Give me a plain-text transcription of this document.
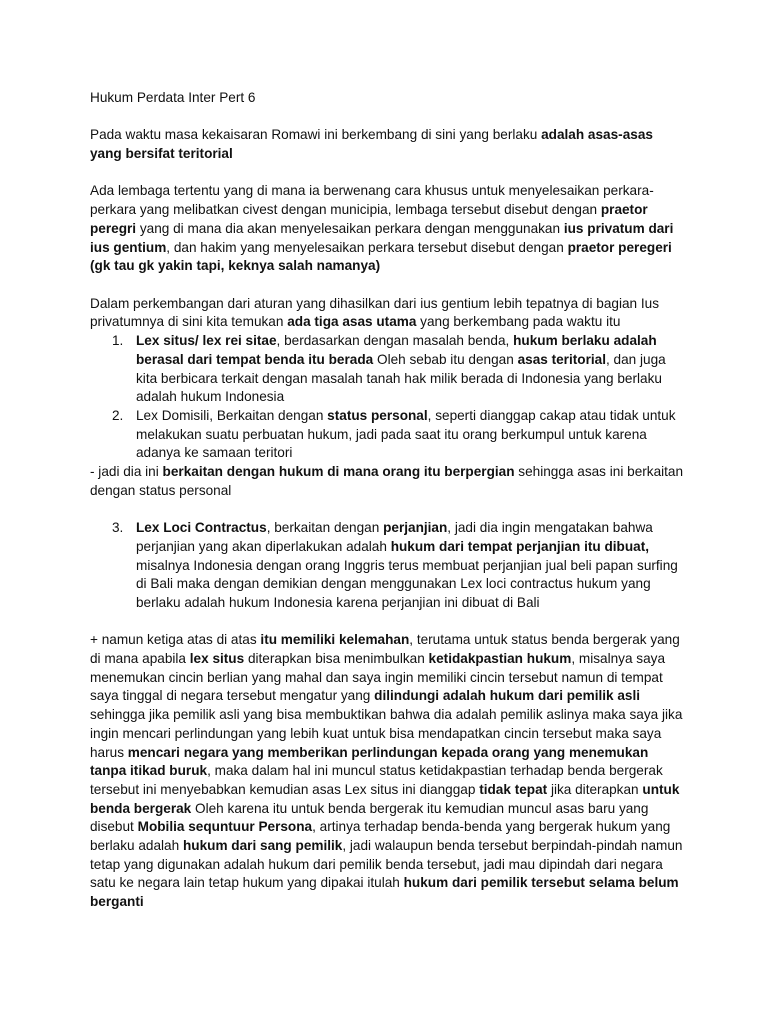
Hukum Perdata Inter Pert 6

Pada waktu masa kekaisaran Romawi ini berkembang di sini yang berlaku adalah asas-asas yang bersifat teritorial

Ada lembaga tertentu yang di mana ia berwenang cara khusus untuk menyelesaikan perkara-perkara yang melibatkan civest dengan municipia, lembaga tersebut disebut dengan praetor peregri yang di mana dia akan menyelesaikan perkara dengan menggunakan ius privatum dari ius gentium, dan hakim yang menyelesaikan perkara tersebut disebut dengan praetor peregeri (gk tau gk yakin tapi, keknya salah namanya)

Dalam perkembangan dari aturan yang dihasilkan dari ius gentium lebih tepatnya di bagian Ius privatumnya di sini kita temukan ada tiga asas utama yang berkembang pada waktu itu

1. Lex situs/ lex rei sitae, berdasarkan dengan masalah benda, hukum berlaku adalah berasal dari tempat benda itu berada Oleh sebab itu dengan asas teritorial, dan juga kita berbicara terkait dengan masalah tanah hak milik berada di Indonesia yang berlaku adalah hukum Indonesia
2. Lex Domisili, Berkaitan dengan status personal, seperti dianggap cakap atau tidak untuk melakukan suatu perbuatan hukum, jadi pada saat itu orang berkumpul untuk karena adanya ke samaan teritori

- jadi dia ini berkaitan dengan hukum di mana orang itu berpergian sehingga asas ini berkaitan dengan status personal

3. Lex Loci Contractus, berkaitan dengan perjanjian, jadi dia ingin mengatakan bahwa perjanjian yang akan diperlakukan adalah hukum dari tempat perjanjian itu dibuat, misalnya Indonesia dengan orang Inggris terus membuat perjanjian jual beli papan surfing di Bali maka dengan demikian dengan menggunakan Lex loci contractus hukum yang berlaku adalah hukum Indonesia karena perjanjian ini dibuat di Bali

+ namun ketiga atas di atas itu memiliki kelemahan, terutama untuk status benda bergerak yang di mana apabila lex situs diterapkan bisa menimbulkan ketidakpastian hukum, misalnya saya menemukan cincin berlian yang mahal dan saya ingin memiliki cincin tersebut namun di tempat saya tinggal di negara tersebut mengatur yang dilindungi adalah hukum dari pemilik asli sehingga jika pemilik asli yang bisa membuktikan bahwa dia adalah pemilik aslinya maka saya jika ingin mencari perlindungan yang lebih kuat untuk bisa mendapatkan cincin tersebut maka saya harus mencari negara yang memberikan perlindungan kepada orang yang menemukan tanpa itikad buruk, maka dalam hal ini muncul status ketidakpastian terhadap benda bergerak tersebut ini menyebabkan kemudian asas Lex situs ini dianggap tidak tepat jika diterapkan untuk benda bergerak Oleh karena itu untuk benda bergerak itu kemudian muncul asas baru yang disebut Mobilia sequntuur Persona, artinya terhadap benda-benda yang bergerak hukum yang berlaku adalah hukum dari sang pemilik, jadi walaupun benda tersebut berpindah-pindah namun tetap yang digunakan adalah hukum dari pemilik benda tersebut, jadi mau dipindah dari negara satu ke negara lain tetap hukum yang dipakai itulah hukum dari pemilik tersebut selama belum berganti
